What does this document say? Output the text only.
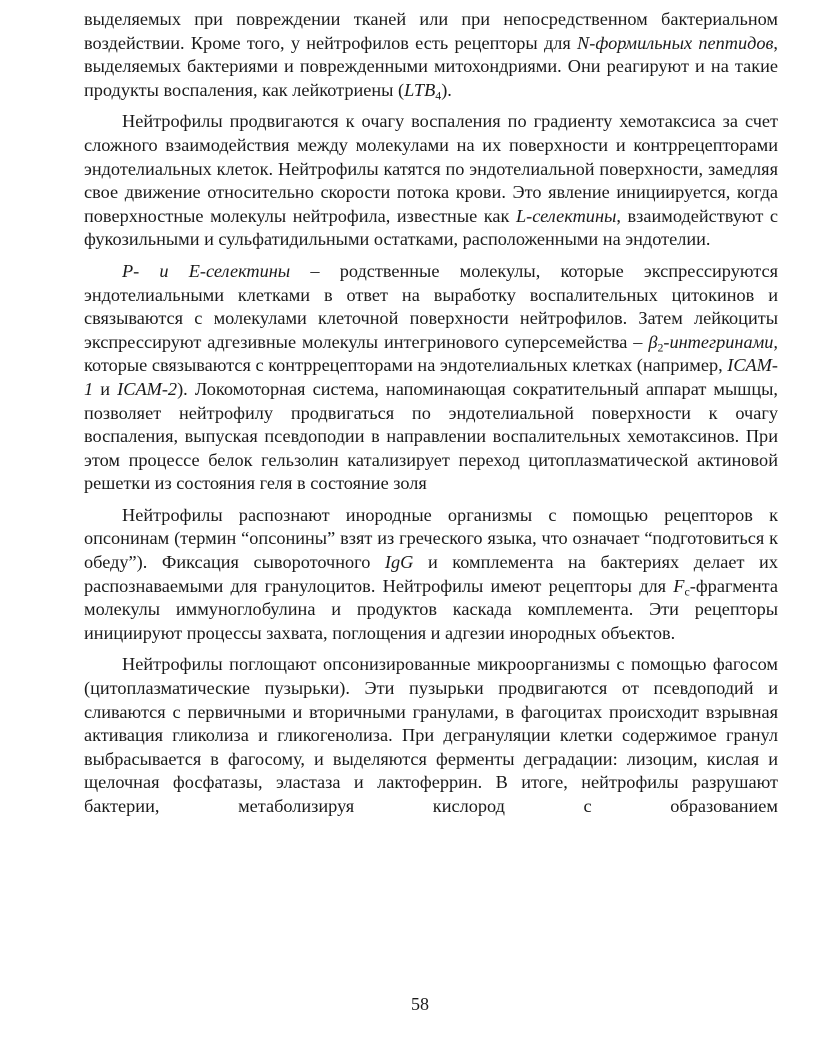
выделяемых при повреждении тканей или при непосредственном бактериальном воздействии. Кроме того, у нейтрофилов есть рецепторы для N-формильных пептидов, выделяемых бактериями и поврежденными митохондриями. Они реагируют и на такие продукты воспаления, как лейкотриены $(LTB_4)$.

Нейтрофилы продвигаются к очагу воспаления по градиенту хемотаксиса за счет сложного взаимодействия между молекулами на их поверхности и контррецепторами эндотелиальных клеток. Нейтрофилы катятся по эндотелиальной поверхности, замедляя свое движение относительно скорости потока крови. Это явление инициируется, когда поверхностные молекулы нейтрофила, известные как L-селектины, взаимодействуют с фукозильными и сульфатидильными остатками, расположенными на эндотелии.

P- и E-селектины – родственные молекулы, которые экспрессируются эндотелиальными клетками в ответ на выработку воспалительных цитокинов и связываются с молекулами клеточной поверхности нейтрофилов. Затем лейкоциты экспрессируют адгезивные молекулы интегринового суперсемейства – $\beta_2$-интегринами, которые связываются с контррецепторами на эндотелиальных клетках (например, ICAM-1 и ICAM-2). Локомоторная система, напоминающая сократительный аппарат мышцы, позволяет нейтрофилу продвигаться по эндотелиальной поверхности к очагу воспаления, выпуская псевдоподии в направлении воспалительных хемотаксинов. При этом процессе белок гельзолин катализирует переход цитоплазматической актиновой решетки из состояния геля в состояние золя

Нейтрофилы распознают инородные организмы с помощью рецепторов к опсонинам (термин “опсонины” взят из греческого языка, что означает “подготовиться к обеду”). Фиксация сывороточного IgG и комплемента на бактериях делает их распознаваемыми для гранулоцитов. Нейтрофилы имеют рецепторы для $F_c$-фрагмента молекулы иммуноглобулина и продуктов каскада комплемента. Эти рецепторы инициируют процессы захвата, поглощения и адгезии инородных объектов.

Нейтрофилы поглощают опсонизированные микроорганизмы с помощью фагосом (цитоплазматические пузырьки). Эти пузырьки продвигаются от псевдоподий и сливаются с первичными и вторичными гранулами, в фагоцитах происходит взрывная активация гликолиза и гликогенолиза. При дегрануляции клетки содержимое гранул выбрасывается в фагосому, и выделяются ферменты деградации: лизоцим, кислая и щелочная фосфатазы, эластаза и лактоферрин. В итоге, нейтрофилы разрушают бактерии, метаболизируя кислород с образованием

58
